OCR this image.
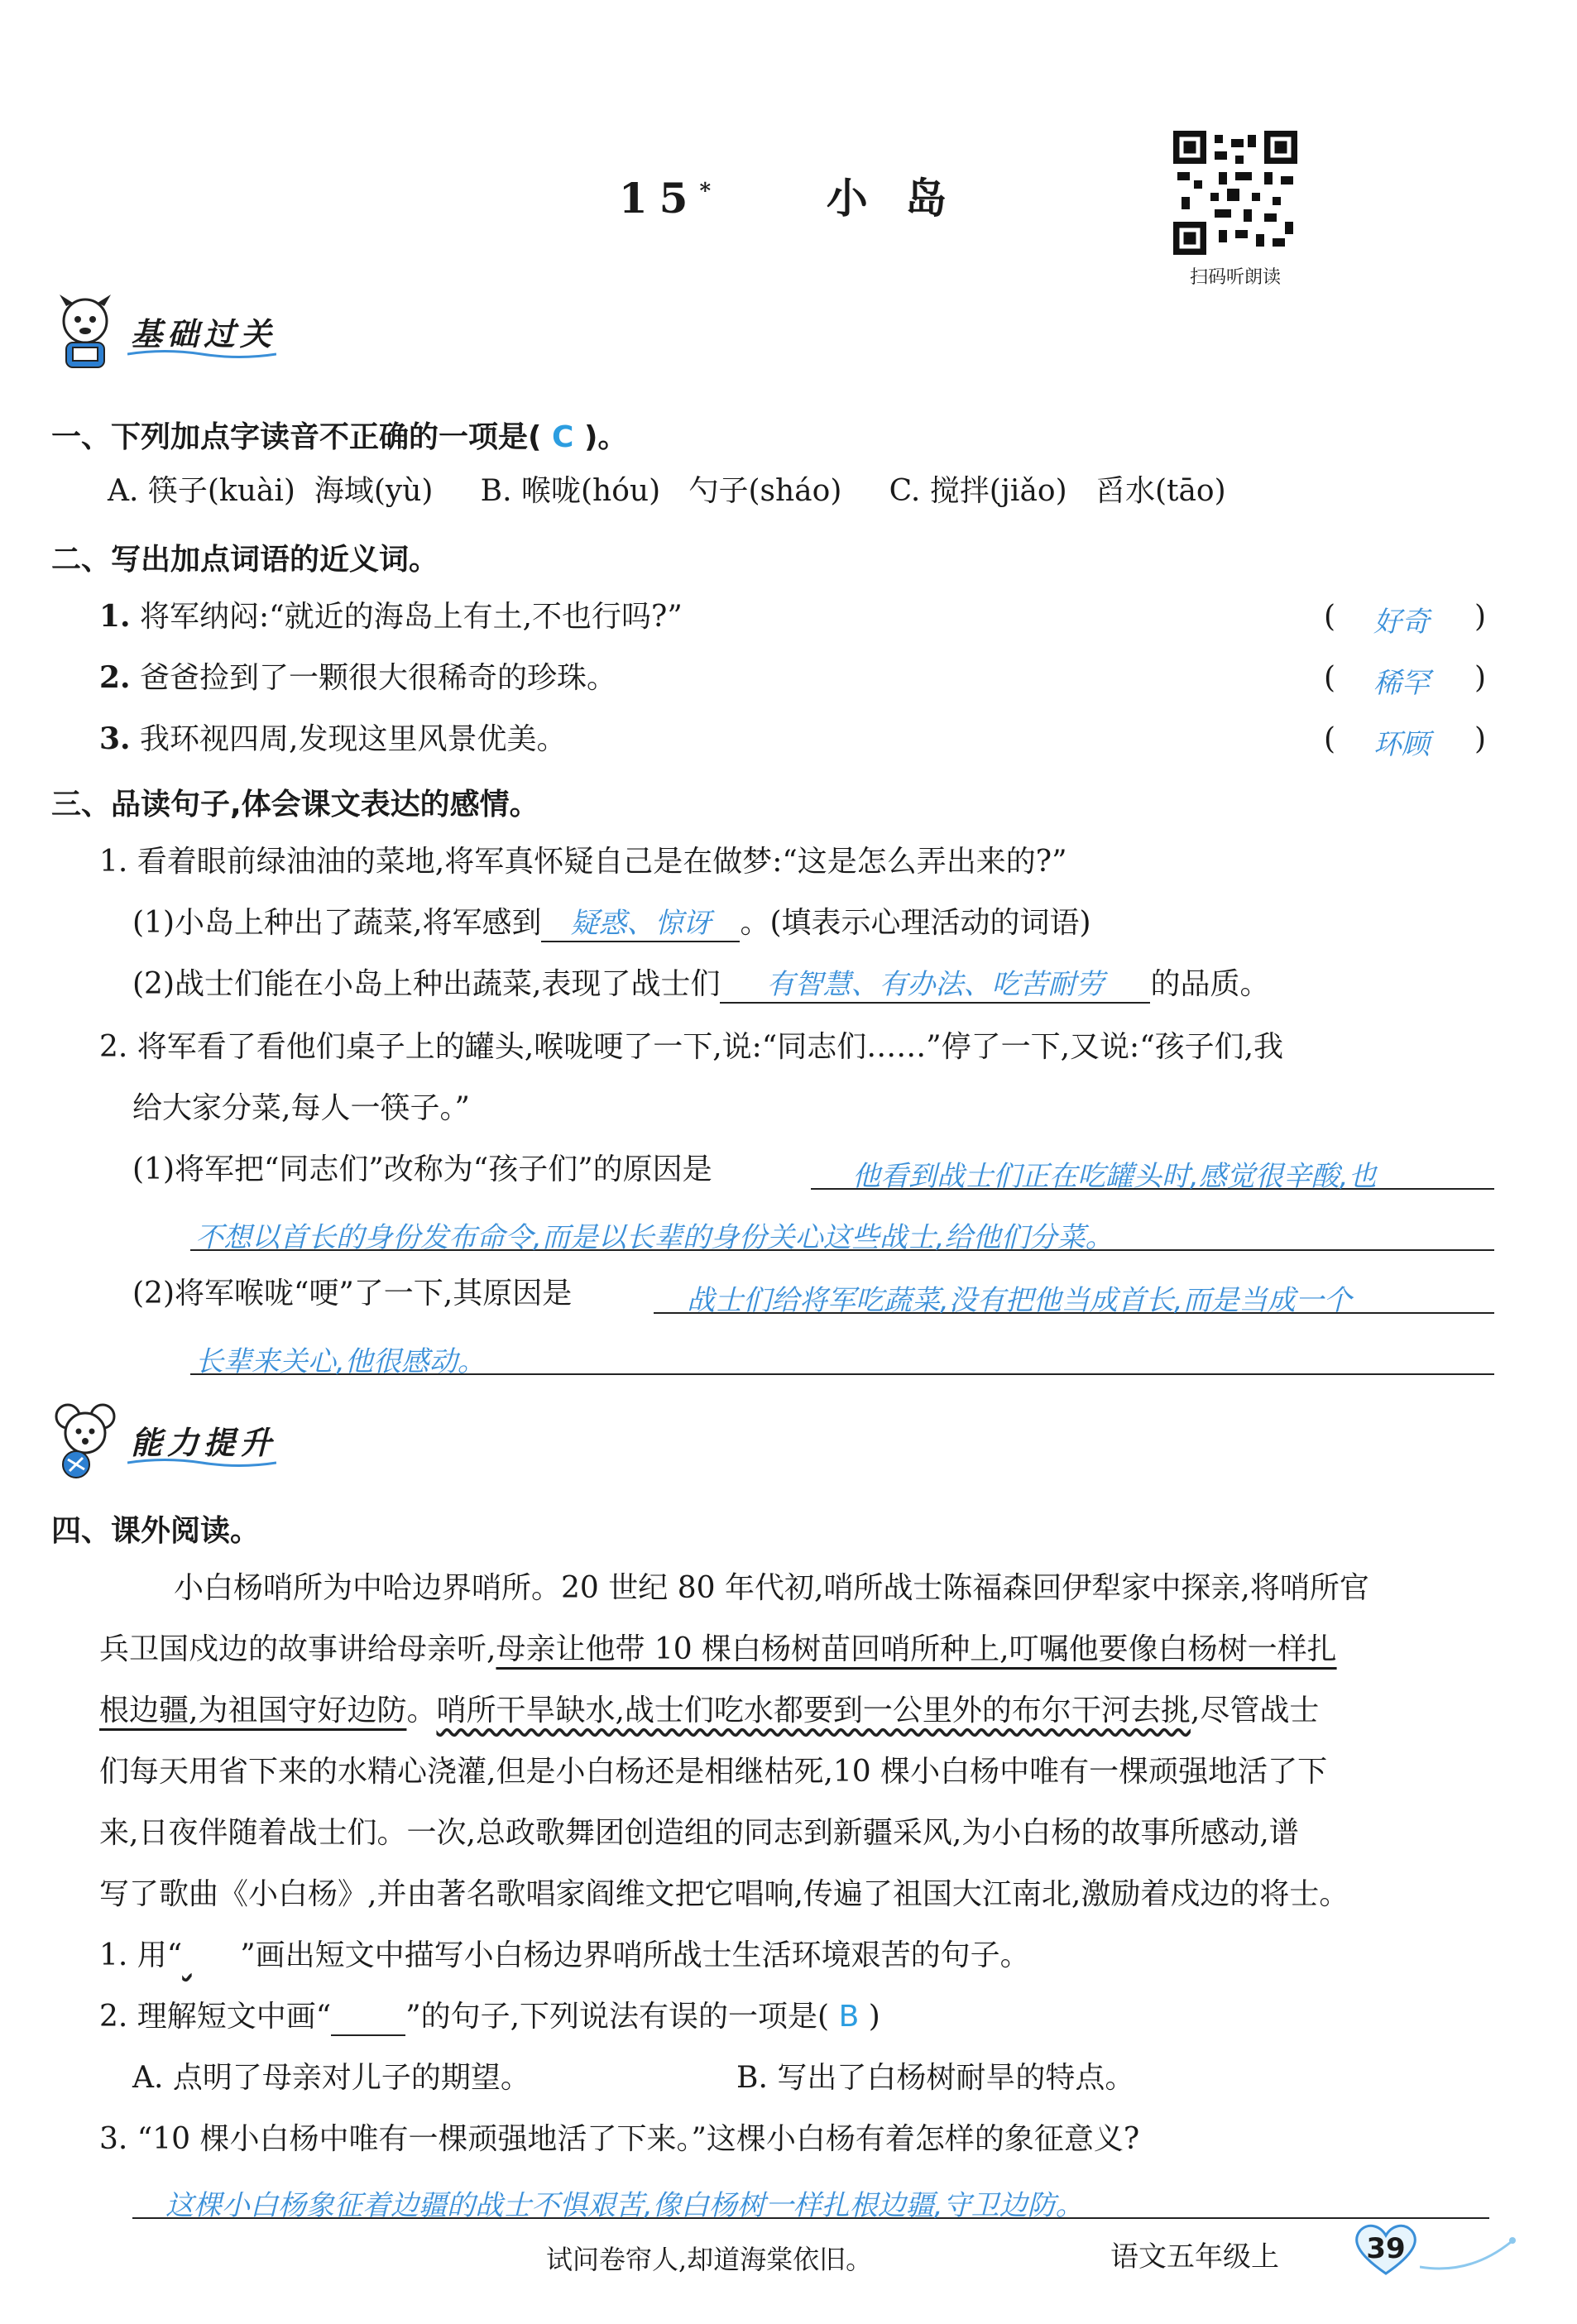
15*	小 岛
扫码听朗读
基础过关
一、下列加点字读音不正确的一项是( C )。
A. 筷子(kuài)  海域(yù)     B. 喉咙(hóu)   勺子(sháo)     C. 搅拌(jiǎo)   舀水(tāo)
二、写出加点词语的近义词。
1. 将军纳闷:“就近的海岛上有土,不也行吗?”	( 好奇 )
2. 爸爸捡到了一颗很大很稀奇的珍珠。	( 稀罕 )
3. 我环视四周,发现这里风景优美。	( 环顾 )
三、品读句子,体会课文表达的感情。
1. 看着眼前绿油油的菜地,将军真怀疑自己是在做梦:“这是怎么弄出来的?”
(1)小岛上种出了蔬菜,将军感到 疑惑、惊讶 。(填表示心理活动的词语)
(2)战士们能在小岛上种出蔬菜,表现了战士们 有智慧、有办法、吃苦耐劳 的品质。
2. 将军看了看他们桌子上的罐头,喉咙哽了一下,说:“同志们……”停了一下,又说:“孩子们,我
给大家分菜,每人一筷子。”
(1)将军把“同志们”改称为“孩子们”的原因是	他看到战士们正在吃罐头时,感觉很辛酸,也
不想以首长的身份发布命令,而是以长辈的身份关心这些战士,给他们分菜。
(2)将军喉咙“哽”了一下,其原因是	战士们给将军吃蔬菜,没有把他当成首长,而是当成一个
长辈来关心,他很感动。
能力提升
四、课外阅读。
小白杨哨所为中哈边界哨所。20 世纪 80 年代初,哨所战士陈福森回伊犁家中探亲,将哨所官
兵卫国戍边的故事讲给母亲听,母亲让他带 10 棵白杨树苗回哨所种上,叮嘱他要像白杨树一样扎
根边疆,为祖国守好边防。哨所干旱缺水,战士们吃水都要到一公里外的布尔干河去挑,尽管战士
们每天用省下来的水精心浇灌,但是小白杨还是相继枯死,10 棵小白杨中唯有一棵顽强地活了下
来,日夜伴随着战士们。一次,总政歌舞团创造组的同志到新疆采风,为小白杨的故事所感动,谱
写了歌曲《小白杨》,并由著名歌唱家阎维文把它唱响,传遍了祖国大江南北,激励着戍边的将士。
1. 用“ ”画出短文中描写小白杨边界哨所战士生活环境艰苦的句子。
2. 理解短文中画“	”的句子,下列说法有误的一项是( B )
A. 点明了母亲对儿子的期望。	B. 写出了白杨树耐旱的特点。
3. “10 棵小白杨中唯有一棵顽强地活了下来。”这棵小白杨有着怎样的象征意义?
这棵小白杨象征着边疆的战士不惧艰苦,像白杨树一样扎根边疆,守卫边防。
试问卷帘人,却道海棠依旧。	语文五年级上	39
